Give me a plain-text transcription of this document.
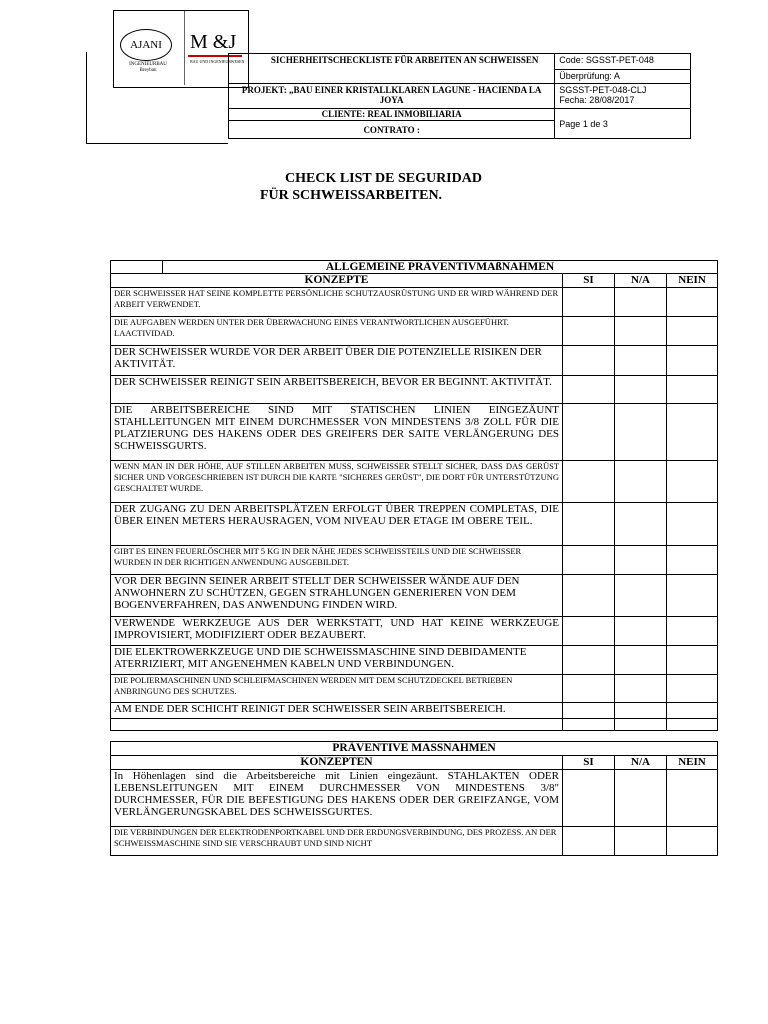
AJANI
INGENIEURBAU Breyban
M &J
BAU UND INGENIEURWESEN	SICHERHEITSCHECKLISTE FÜR ARBEITEN AN SCHWEISSEN	Code: SGSST-PET-048
Überprüfung: A

PROJEKT: „BAU EINER KRISTALLKLAREN LAGUNE - HACIENDA LA JOYA	SGSST-PET-048-CLJ
Fecha: 28/08/2017

CLIENTE: REAL INMOBILIARIA	Page 1 de 3
CONTRATO :	
CHECK LIST DE SEGURIDAD
FÜR SCHWEISSARBEITEN.
	ALLGEMEINE PRÄVENTIVMAßNAHMEN			
KONZEPTE		SI	N/A	NEIN
DER SCHWEISSER HAT SEINE KOMPLETTE PERSÖNLICHE SCHUTZAUSRÜSTUNG UND ER WIRD WÄHREND DER ARBEIT VERWENDET.				
DIE AUFGABEN WERDEN UNTER DER ÜBERWACHUNG EINES VERANTWORTLICHEN AUSGEFÜHRT. LAACTIVIDAD.				
DER SCHWEISSER WURDE VOR DER ARBEIT ÜBER DIE POTENZIELLE RISIKEN DER AKTIVITÄT.				
DER SCHWEISSER REINIGT SEIN ARBEITSBEREICH, BEVOR ER BEGINNT. AKTIVITÄT.				
DIE ARBEITSBEREICHE SIND MIT STATISCHEN LINIEN EINGEZÄUNT STAHLLEITUNGEN MIT EINEM DURCHMESSER VON MINDESTENS 3/8 ZOLL FÜR DIE PLATZIERUNG DES HAKENS ODER DES GREIFERS DER SAITE VERLÄNGERUNG DES SCHWEISSGURTS.				
WENN MAN IN DER HÖHE, AUF STILLEN ARBEITEN MUSS, SCHWEISSER STELLT SICHER, DASS DAS GERÜST SICHER UND VORGESCHRIEBEN IST DURCH DIE KARTE "SICHERES GERÜST", DIE DORT FÜR UNTERSTÜTZUNG GESCHALTET WURDE.				
DER ZUGANG ZU DEN ARBEITSPLÄTZEN ERFOLGT ÜBER TREPPEN COMPLETAS, DIE ÜBER EINEN METERS HERAUSRAGEN, VOM NIVEAU DER ETAGE IM OBERE TEIL.				
GIBT ES EINEN FEUERLÖSCHER MIT 5 KG IN DER NÄHE JEDES SCHWEISSTEILS UND DIE SCHWEISSER WURDEN IN DER RICHTIGEN ANWENDUNG AUSGEBILDET.				
VOR DER BEGINN SEINER ARBEIT STELLT DER SCHWEISSER WÄNDE AUF DEN ANWOHNERN ZU SCHÜTZEN, GEGEN STRAHLUNGEN GENERIEREN VON DEM BOGENVERFAHREN, DAS ANWENDUNG FINDEN WIRD.				
VERWENDE WERKZEUGE AUS DER WERKSTATT, UND HAT KEINE WERKZEUGE IMPROVISIERT, MODIFIZIERT ODER BEZAUBERT.				
DIE ELEKTROWERKZEUGE UND DIE SCHWEISSMASCHINE SIND DEBIDAMENTE ATERRIZIERT, MIT ANGENEHMEN KABELN UND VERBINDUNGEN.				
DIE POLIERMASCHINEN UND SCHLEIFMASCHINEN WERDEN MIT DEM SCHUTZDECKEL BETRIEBEN ANBRINGUNG DES SCHUTZES.				
AM ENDE DER SCHICHT REINIGT DER SCHWEISSER SEIN ARBEITSBEREICH.				

PRÄVENTIVE MASSNAHMEN			
KONZEPTEN	SI	N/A	NEIN
In Höhenlagen sind die Arbeitsbereiche mit Linien eingezäunt. STAHLAKTEN ODER LEBENSLEITUNGEN MIT EINEM DURCHMESSER VON MINDESTENS 3/8" DURCHMESSER, FÜR DIE BEFESTIGUNG DES HAKENS ODER DER GREIFZANGE, VOM VERLÄNGERUNGSKABEL DES SCHWEISSGURTES.			
DIE VERBINDUNGEN DER ELEKTRODENPORTKABEL UND DER ERDUNGSVERBINDUNG, DES PROZESS. AN DER SCHWEISSMASCHINE SIND SIE VERSCHRAUBT UND SIND NICHT			
